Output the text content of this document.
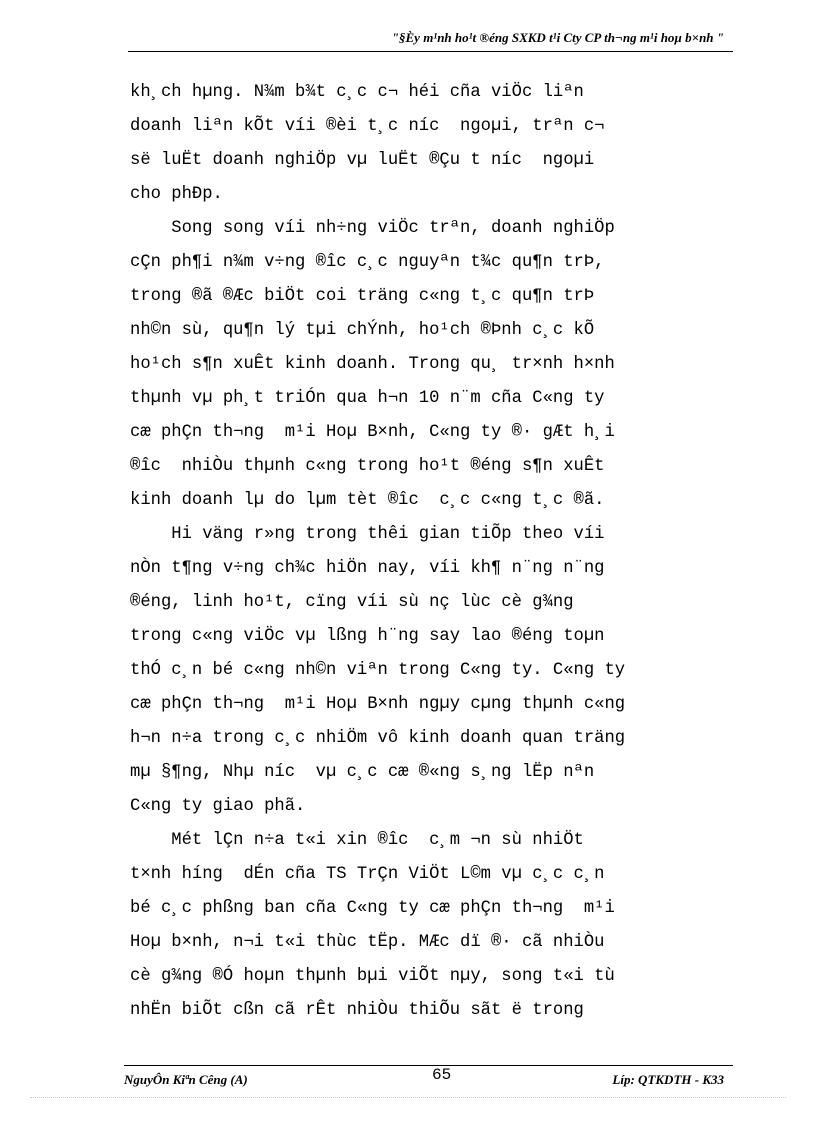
"§Èy m¹nh ho¹t ®éng SXKD t¹i Cty CP th¬ng m¹i hoµ b×nh "
kh¸ch hµng. N¾m b¾t c¸c c¬ héi cña viÖc liªn
doanh liªn kÕt víi ®èi t¸c níc  ngoµi, trªn c¬
së luËt doanh nghiÖp vµ luËt ®Çu t níc  ngoµi
cho phÐp.
Song song víi nh÷ng viÖc trªn, doanh nghiÖp
cÇn ph¶i n¾m v÷ng ®îc c¸c nguyªn t¾c qu¶n trÞ,
trong ®ã ®Æc biÖt coi träng c«ng t¸c qu¶n trÞ
nh©n sù, qu¶n lý tµi chÝnh, ho¹ch ®Þnh c¸c kÕ
ho¹ch s¶n xuÊt kinh doanh. Trong qu¸ tr×nh h×nh
thµnh vµ ph¸t triÓn qua h¬n 10 n¨m cña C«ng ty
cæ phÇn th¬ng  m¹i Hoµ B×nh, C«ng ty ®· gÆt h¸i
®îc  nhiÒu thµnh c«ng trong ho¹t ®éng s¶n xuÊt
kinh doanh lµ do lµm tèt ®îc  c¸c c«ng t¸c ®ã.
Hi väng r»ng trong thêi gian tiÕp theo víi
nÒn t¶ng v÷ng ch¾c hiÖn nay, víi kh¶ n¨ng n¨ng
®éng, linh ho¹t, cïng víi sù nç lùc cè g¾ng
trong c«ng viÖc vµ lßng h¨ng say lao ®éng toµn
thÓ c¸n bé c«ng nh©n viªn trong C«ng ty. C«ng ty
cæ phÇn th¬ng  m¹i Hoµ B×nh ngµy cµng thµnh c«ng
h¬n n÷a trong c¸c nhiÖm vô kinh doanh quan träng
mµ §¶ng, Nhµ níc  vµ c¸c cæ ®«ng s¸ng lËp nªn
C«ng ty giao phã.
Mét lÇn n÷a t«i xin ®îc  c¸m ¬n sù nhiÖt
t×nh híng  dÉn cña TS TrÇn ViÖt L©m vµ c¸c c¸n
bé c¸c phßng ban cña C«ng ty cæ phÇn th¬ng  m¹i
Hoµ b×nh, n¬i t«i thùc tËp. MÆc dï ®· cã nhiÒu
cè g¾ng ®Ó hoµn thµnh bµi viÕt nµy, song t«i tù
nhËn biÕt cßn cã rÊt nhiÒu thiÕu sãt ë trong
NguyÔn Kiªn Cêng (A)	65	Líp: QTKDTH - K33
